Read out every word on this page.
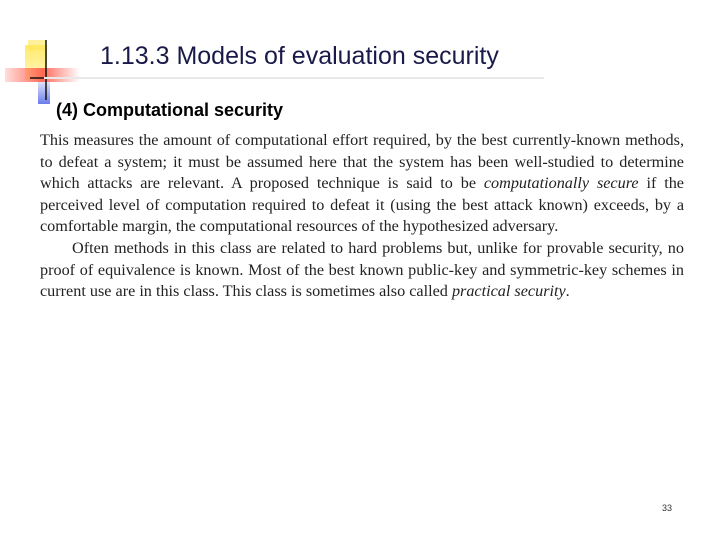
1.13.3 Models of evaluation security
(4) Computational security

This measures the amount of computational effort required, by the best currently-known methods, to defeat a system; it must be assumed here that the system has been well-studied to determine which attacks are relevant. A proposed technique is said to be computationally secure if the perceived level of computation required to defeat it (using the best attack known) exceeds, by a comfortable margin, the computational resources of the hypothesized adversary.

Often methods in this class are related to hard problems but, unlike for provable security, no proof of equivalence is known. Most of the best known public-key and symmetric-key schemes in current use are in this class. This class is sometimes also called practical security.

33
